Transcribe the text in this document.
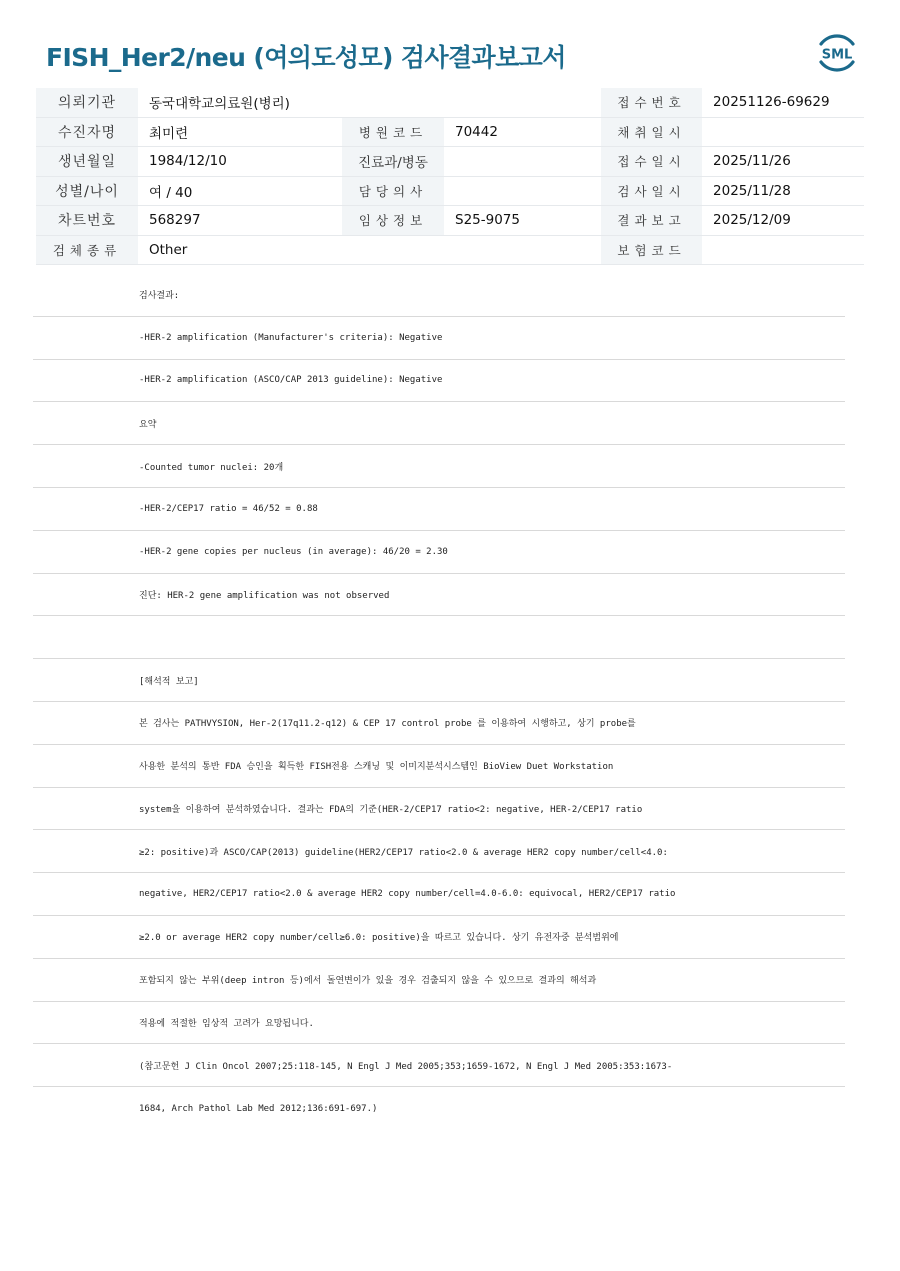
FISH_Her2/neu (여의도성모) 검사결과보고서	SML
의뢰기관	동국대학교의료원(병리)			접수번호	20251126-69629
수진자명	최미련	병원코드	70442	채취일시	
생년월일	1984/12/10	진료과/병동		접수일시	2025/11/26
성별/나이	여 / 40	담당의사		검사일시	2025/11/28
차트번호	568297	임상정보	S25-9075	결과보고	2025/12/09
검체종류	Other			보험코드	
검사결과:
-HER-2 amplification (Manufacturer's criteria): Negative
-HER-2 amplification (ASCO/CAP 2013 guideline): Negative
요약
-Counted tumor nuclei: 20개
-HER-2/CEP17 ratio = 46/52 = 0.88
-HER-2 gene copies per nucleus (in average): 46/20 = 2.30
진단: HER-2 gene amplification was not observed
[해석적 보고]
본 검사는 PATHVYSION, Her-2(17q11.2-q12) & CEP 17 control probe 를 이용하여 시행하고, 상기 probe를
사용한 분석의 통반 FDA 승인을 획득한 FISH전용 스캐닝 및 이미지분석시스템인 BioView Duet Workstation
system을 이용하여 분석하였습니다. 결과는 FDA의 기준(HER-2/CEP17 ratio<2: negative, HER-2/CEP17 ratio
≥2: positive)과 ASCO/CAP(2013) guideline(HER2/CEP17 ratio<2.0 & average HER2 copy number/cell<4.0:
negative, HER2/CEP17 ratio<2.0 & average HER2 copy number/cell=4.0-6.0: equivocal, HER2/CEP17 ratio
≥2.0 or average HER2 copy number/cell≥6.0: positive)을 따르고 있습니다. 상기 유전자중 분석범위에
포함되지 않는 부위(deep intron 등)에서 돌연변이가 있을 경우 검출되지 않을 수 있으므로 결과의 해석과
적용에 적절한 임상적 고려가 요망됩니다.
(참고문헌 J Clin Oncol 2007;25:118-145, N Engl J Med 2005;353;1659-1672, N Engl J Med 2005:353:1673-
1684, Arch Pathol Lab Med 2012;136:691-697.)
